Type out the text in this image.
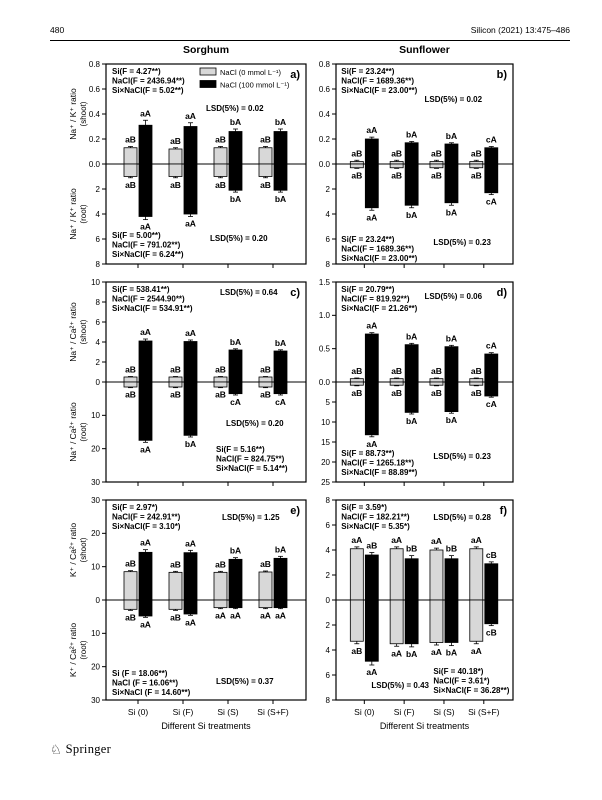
480	Silicon (2021) 13:475–486
Sorghum	Sunflower
0.0
0.2
0.4
0.6
0.8
aB	aB	aB	aB
aA	aA
bA	bA
Si(F = 4.27**)
NaCl(F = 2436.94**)
Si×NaCl(F = 5.02**)
LSD(5%) = 0.02
Na⁺ / K⁺ ratio (shoot)
2
4
6
8
aB	aB	aB	aB
aA	aA
bA	bA
Si(F = 5.00**)
NaCl(F = 791.02**)
Si×NaCl(F = 6.24**)
LSD(5%) = 0.20
Na⁺ / K⁺ ratio (root)
a)
NaCl (0 mmol L⁻¹)
NaCl (100 mmol L⁻¹)
0.0
0.2
0.4
0.6
0.8
aB	aB	aB	aB
aA	bA	bA	cA
Si(F = 23.24**)
NaCl(F = 1689.36**)
Si×NaCl(F = 23.00**)
LSD(5%) = 0.02
2
4
6
8
aB	aB	aB	aB
aA	bA	bA
cA
Si(F = 23.24**)
NaCl(F = 1689.36**)
Si×NaCl(F = 23.00**)
LSD(5%) = 0.23
b)
0
2
4
6
8
10
aB	aB	aB	aB
aA	aA
bA	bA
Si(F = 538.41**)
NaCl(F = 2544.90**)
Si×NaCl(F = 534.91**)
LSD(5%) = 0.64
Na⁺ / Ca²⁺ ratio (shoot)
10
20
30
aB	aB	aB	aB
aA
bA
cA	cA
Si(F = 5.16**)
NaCl(F = 824.75**)
Si×NaCl(F = 5.14**)
LSD(5%) = 0.20
Na⁺ / Ca²⁺ ratio (root)
c)
0.0
0.5
1.0
1.5
aB	aB	aB	aB
aA
bA	bA
cA
Si(F = 20.79**)
NaCl(F = 819.92**)
Si×NaCl(F = 21.26**)
LSD(5%) = 0.06
5
10
15
20
25
aB	aB	aB	aB
aA
bA	bA
cA
Si(F = 88.73**)
NaCl(F = 1265.18**)
Si×NaCl(F = 88.89**)
LSD(5%) = 0.23
d)
0
10
20
30
aB	aB	aB	aB
aA	aA
bA	bA
Si(F = 2.97*)
NaCl(F = 242.91**)
Si×NaCl(F = 3.10*)
LSD(5%) = 1.25
K⁺ / Ca²⁺ ratio (shoot)
10
20
30
aB	aB	aA	aA
aA	aA
aA	aA
Si (F = 18.06**)
NaCl (F = 16.06**)
Si×NaCl (F = 14.60**)
LSD(5%) = 0.37
K⁺ / Ca²⁺ ratio (root)
e)
Si (0)	Si (F)	Si (S) Si (S+F)
Different Si treatments
0
2
4
6
8
aA	aA	aA	aA
aB	bB	bB
cB
Si(F = 3.59*)
NaCl(F = 182.21**)
Si×NaCl(F = 5.35*)
LSD(5%) = 0.28
2
4
6
8
aB	aA	aA	aA
aA
bA	bA
cB
Si(F = 40.18*)
NaCl(F = 3.61*)
Si×NaCl(F = 36.28**)
LSD(5%) = 0.43
f)
Si (0) Si (F) Si (S) Si (S+F)
Different Si treatments
♘ Springer
